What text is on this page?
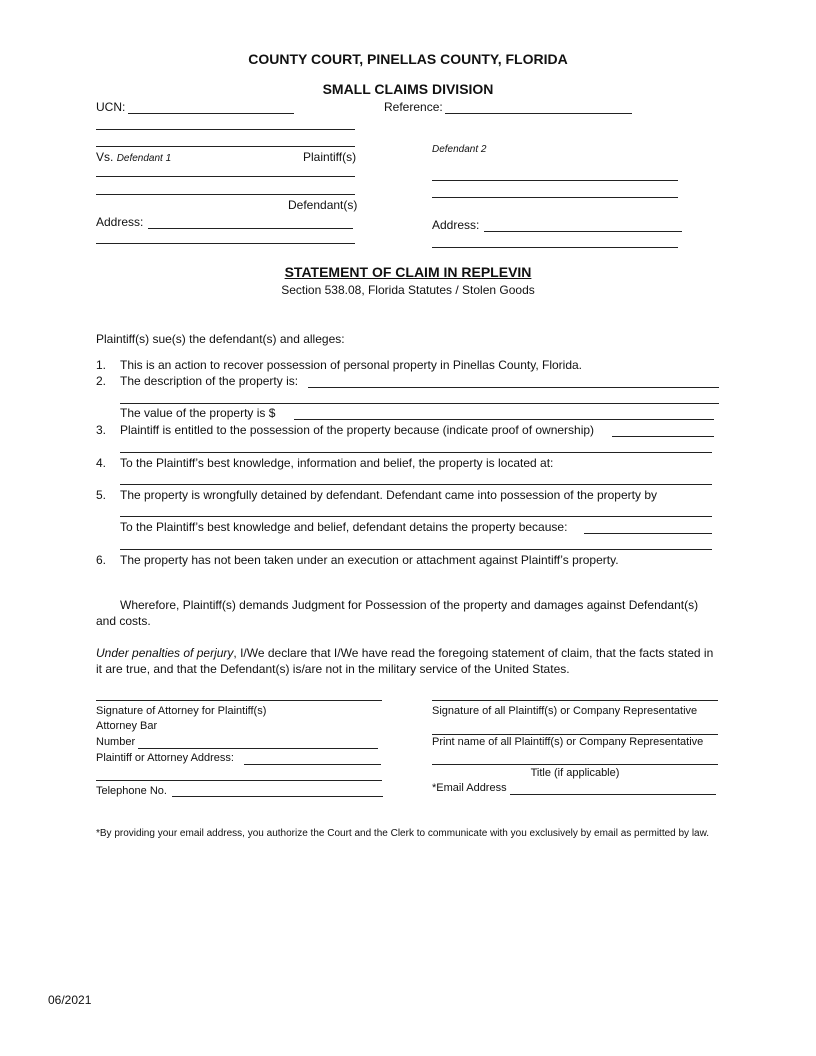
COUNTY COURT, PINELLAS COUNTY, FLORIDA
SMALL CLAIMS DIVISION
UCN:	Reference:
Vs. Defendant 1	Plaintiff(s)
Defendant(s)
Address:
Defendant 2
Address:
STATEMENT OF CLAIM IN REPLEVIN
Section 538.08, Florida Statutes / Stolen Goods
Plaintiff(s) sue(s) the defendant(s) and alleges:
1. This is an action to recover possession of personal property in Pinellas County, Florida.
2. The description of the property is:
The value of the property is $
3. Plaintiff is entitled to the possession of the property because (indicate proof of ownership)
4. To the Plaintiff’s best knowledge, information and belief, the property is located at:
5. The property is wrongfully detained by defendant. Defendant came into possession of the property by
To the Plaintiff’s best knowledge and belief, defendant detains the property because:
6. The property has not been taken under an execution or attachment against Plaintiff’s property.
Wherefore, Plaintiff(s) demands Judgment for Possession of the property and damages against Defendant(s) and costs.
Under penalties of perjury, I/We declare that I/We have read the foregoing statement of claim, that the facts stated in it are true, and that the Defendant(s) is/are not in the military service of the United States.
Signature of Attorney for Plaintiff(s)
Attorney Bar
Number
Plaintiff or Attorney Address:
Telephone No.
Signature of all Plaintiff(s) or Company Representative
Print name of all Plaintiff(s) or Company Representative
Title (if applicable)
*Email Address
*By providing your email address, you authorize the Court and the Clerk to communicate with you exclusively by email as permitted by law.
06/2021
